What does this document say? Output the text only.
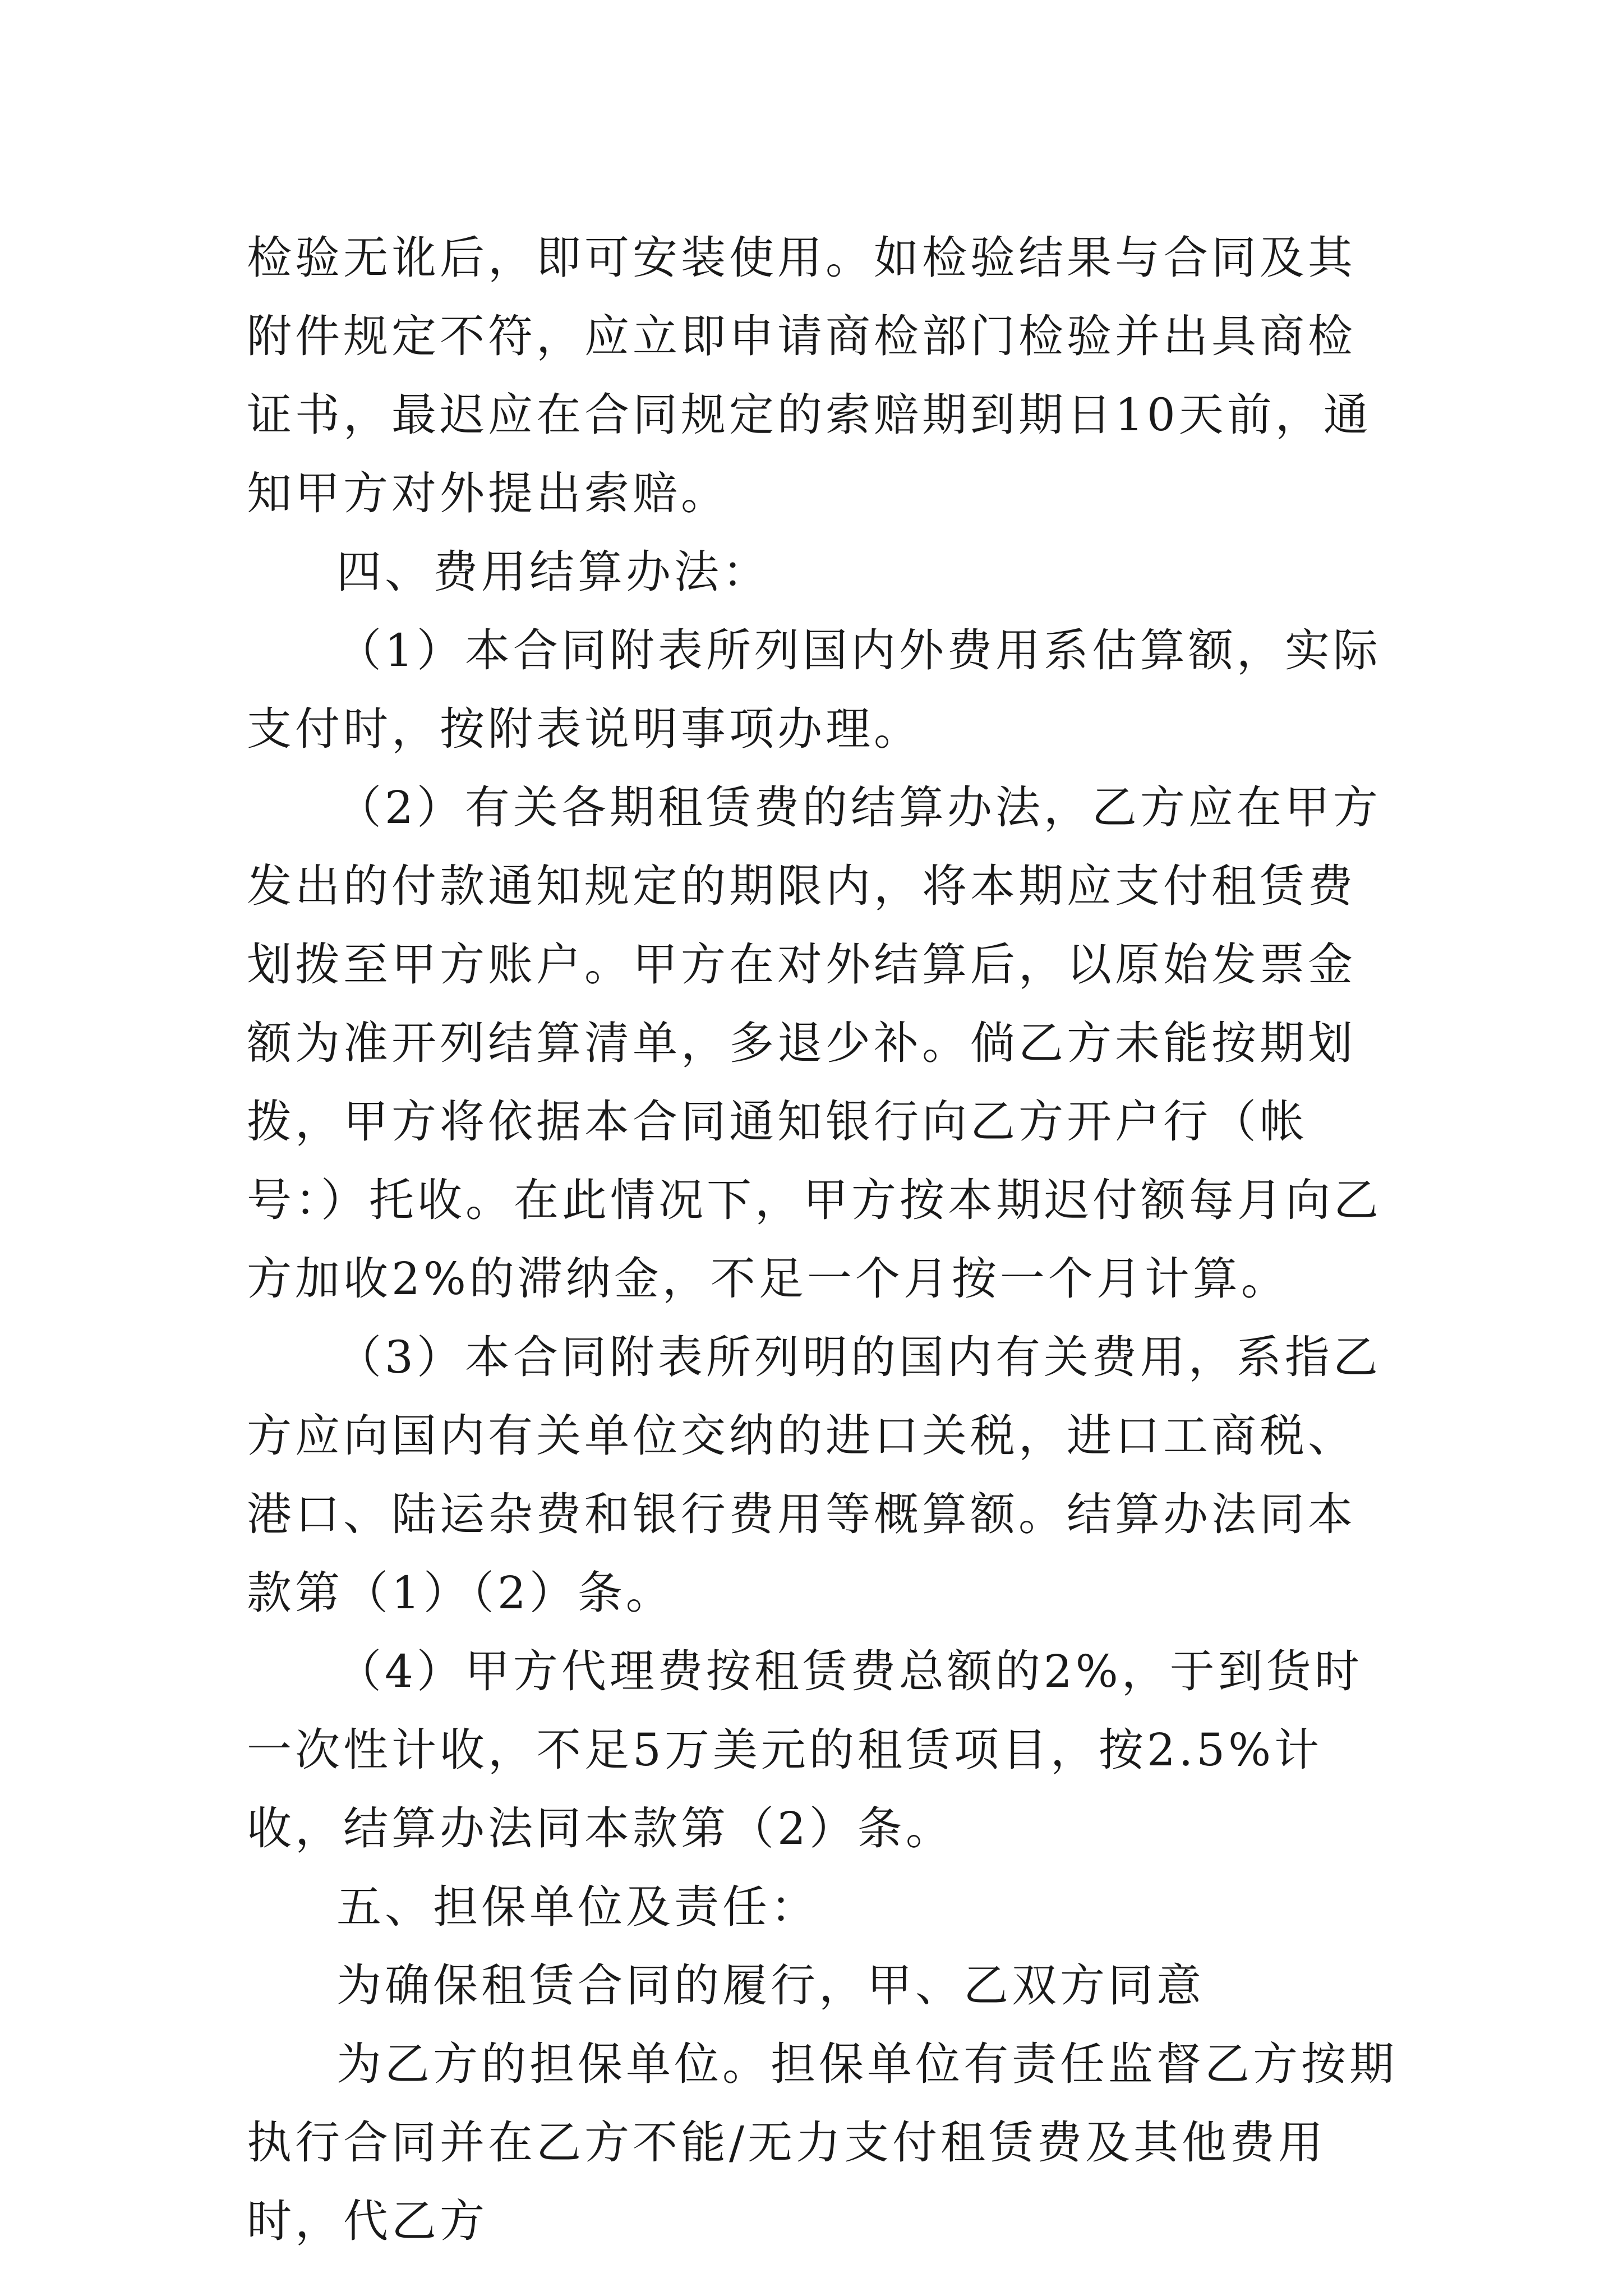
检验无讹后，即可安装使用。如检验结果与合同及其附件规定不符，应立即申请商检部门检验并出具商检证书，最迟应在合同规定的索赔期到期日10天前，通知甲方对外提出索赔。

四、费用结算办法：

（1）本合同附表所列国内外费用系估算额，实际支付时，按附表说明事项办理。

（2）有关各期租赁费的结算办法，乙方应在甲方发出的付款通知规定的期限内，将本期应支付租赁费划拨至甲方账户。甲方在对外结算后，以原始发票金额为准开列结算清单，多退少补。倘乙方未能按期划拨，甲方将依据本合同通知银行向乙方开户行（帐号：）托收。在此情况下，甲方按本期迟付额每月向乙方加收2%的滞纳金，不足一个月按一个月计算。

（3）本合同附表所列明的国内有关费用，系指乙方应向国内有关单位交纳的进口关税，进口工商税、港口、陆运杂费和银行费用等概算额。结算办法同本款第（1）（2）条。

（4）甲方代理费按租赁费总额的2%，于到货时一次性计收，不足5万美元的租赁项目，按2.5%计收，结算办法同本款第（2）条。

五、担保单位及责任：

为确保租赁合同的履行，甲、乙双方同意

为乙方的担保单位。担保单位有责任监督乙方按期执行合同并在乙方不能/无力支付租赁费及其他费用时，代乙方
